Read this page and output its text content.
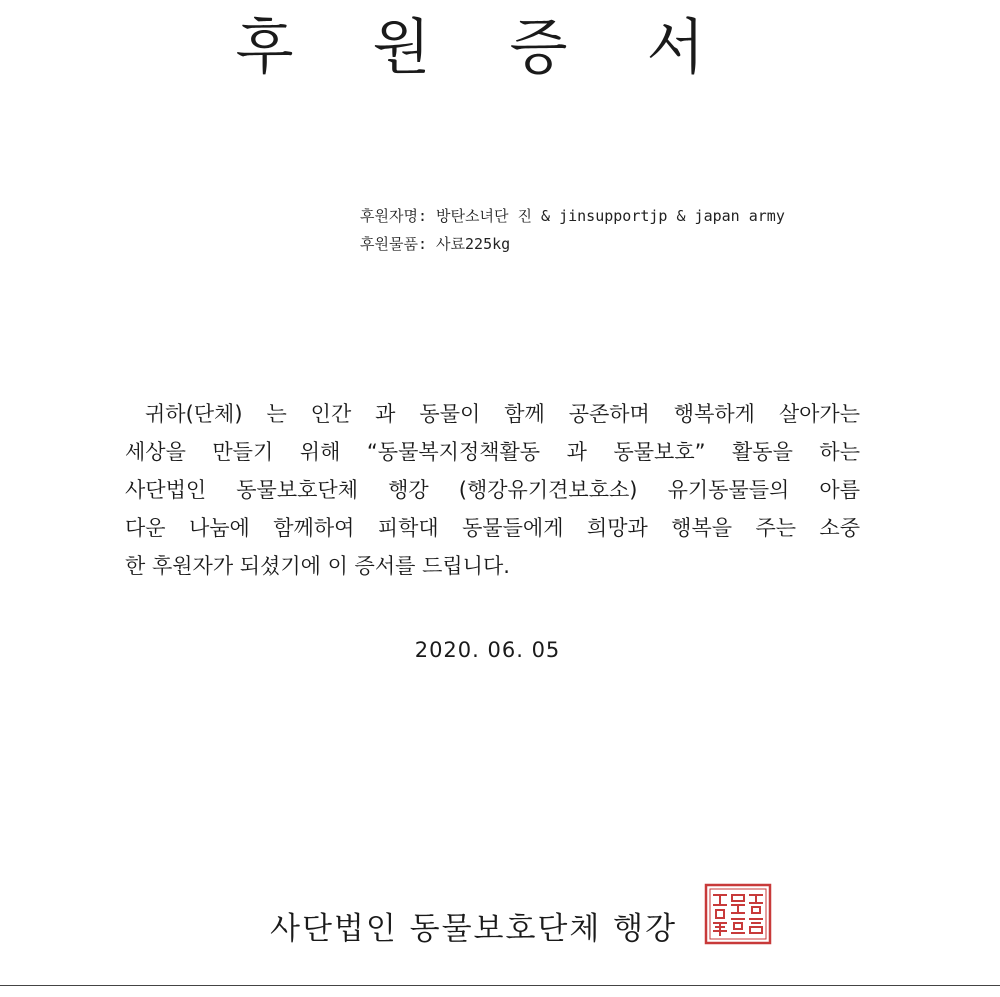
후 원 증 서
후원자명: 방탄소녀단 진 & jinsupportjp & japan army
후원물품: 사료225kg
귀하(단체) 는 인간 과 동물이 함께 공존하며 행복하게 살아가는
세상을 만들기 위해 “동물복지정책활동 과 동물보호” 활동을 하는
사단법인 동물보호단체 행강 (행강유기견보호소) 유기동물들의 아름
다운 나눔에 함께하여 피학대 동물들에게 희망과 행복을 주는 소중
한 후원자가 되셨기에 이 증서를 드립니다.
2020. 06. 05
사단법인 동물보호단체 행강
